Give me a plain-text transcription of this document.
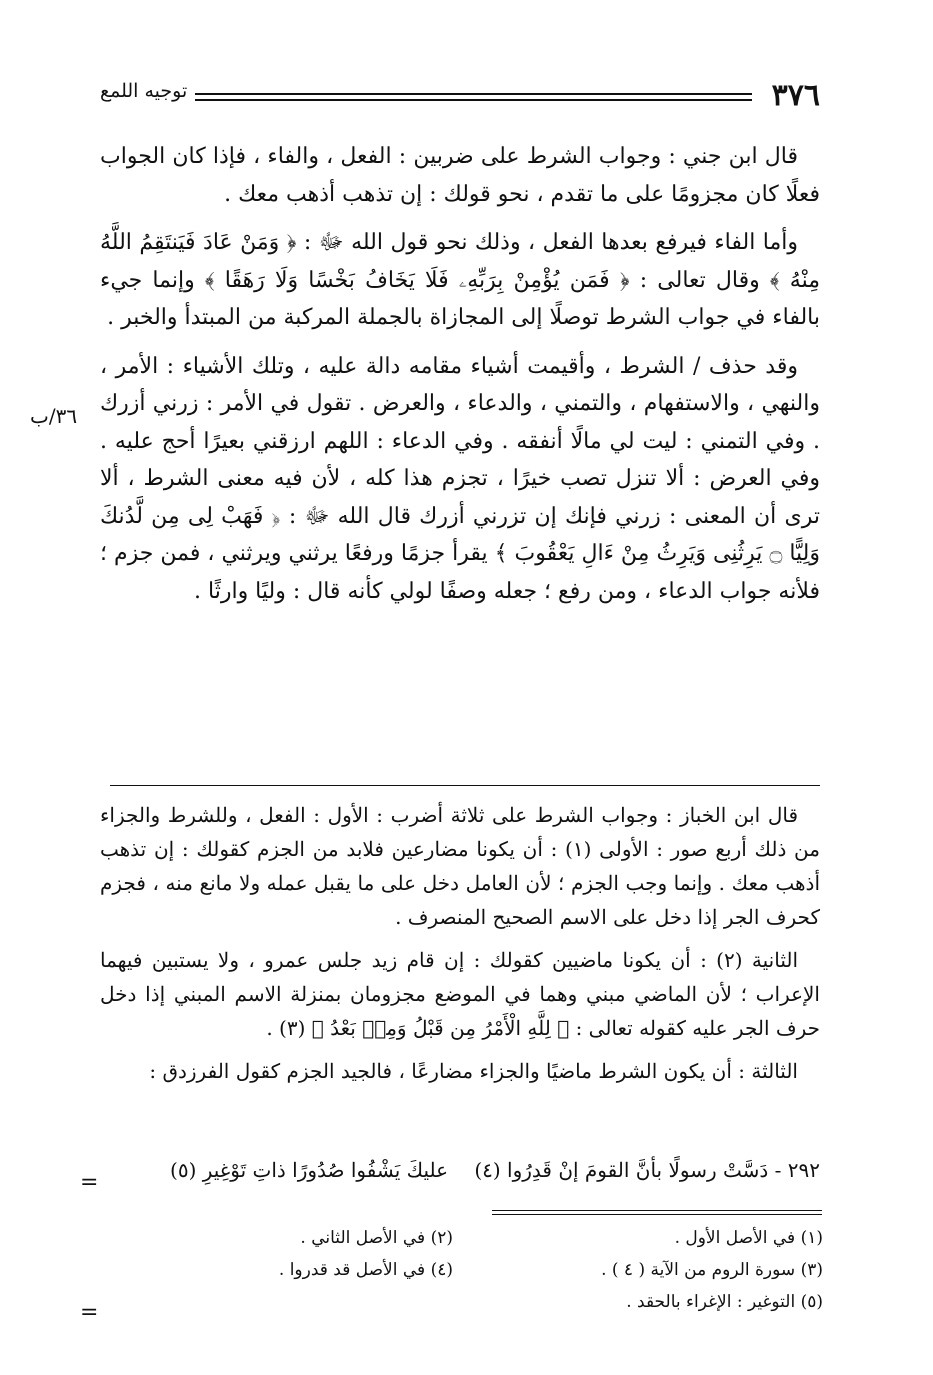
٣٧٦
توجيه اللمع
٣٦/ب

قال ابن جني : وجواب الشرط على ضربين : الفعل ، والفاء ، فإذا كان الجواب فعلًا كان مجزومًا على ما تقدم ، نحو قولك : إن تذهب أذهب معك .

وأما الفاء فيرفع بعدها الفعل ، وذلك نحو قول الله ﷻ : ﴿ وَمَنْ عَادَ فَيَنتَقِمُ اللَّهُ مِنْهُ ﴾ وقال تعالى : ﴿ فَمَن يُؤْمِنْ بِرَبِّهِۦ فَلَا يَخَافُ بَخْسًا وَلَا رَهَقًا ﴾ وإنما جيء بالفاء في جواب الشرط توصلًا إلى المجازاة بالجملة المركبة من المبتدأ والخبر .

وقد حذف / الشرط ، وأقيمت أشياء مقامه دالة عليه ، وتلك الأشياء : الأمر ، والنهي ، والاستفهام ، والتمني ، والدعاء ، والعرض . تقول في الأمر : زرني أزرك . وفي التمني : ليت لي مالًا أنفقه . وفي الدعاء : اللهم ارزقني بعيرًا أحج عليه . وفي العرض : ألا تنزل تصب خيرًا ، تجزم هذا كله ، لأن فيه معنى الشرط ، ألا ترى أن المعنى : زرني فإنك إن تزرني أزرك قال الله ﷻ : ﴿ فَهَبْ لِى مِن لَّدُنكَ وَلِيًّا ۝ يَرِثُنِى وَيَرِثُ مِنْ ءَالِ يَعْقُوبَ ﴾ يقرأ جزمًا ورفعًا يرثني ويرثني ، فمن جزم ؛ فلأنه جواب الدعاء ، ومن رفع ؛ جعله وصفًا لولي كأنه قال : وليًا وارثًا .

قال ابن الخباز : وجواب الشرط على ثلاثة أضرب : الأول : الفعل ، وللشرط والجزاء من ذلك أربع صور : الأولى (١) : أن يكونا مضارعين فلابد من الجزم كقولك : إن تذهب أذهب معك . وإنما وجب الجزم ؛ لأن العامل دخل على ما يقبل عمله ولا مانع منه ، فجزم كحرف الجر إذا دخل على الاسم الصحيح المنصرف .

الثانية (٢) : أن يكونا ماضيين كقولك : إن قام زيد جلس عمرو ، ولا يستبين فيهما الإعراب ؛ لأن الماضي مبني وهما في الموضع مجزومان بمنزلة الاسم المبني إذا دخل حرف الجر عليه كقوله تعالى : ﴿ لِلَّهِ الْأَمْرُ مِن قَبْلُ وَمِنۢ بَعْدُ ﴾ (٣) .

الثالثة : أن يكون الشرط ماضيًا والجزاء مضارعًا ، فالجيد الجزم كقول الفرزدق :

٢٩٢ - دَسَّتْ رسولًا بأنَّ القومَ إنْ قَدِرُوا (٤)
عليكَ يَشْفُوا صُدُورًا ذاتِ تَوْغِيرِ (٥)
=
(١) في الأصل الأول .
(٢) في الأصل الثاني .
(٣) سورة الروم من الآية ( ٤ ) .
(٤) في الأصل قد قدروا .
(٥) التوغير : الإغراء بالحقد .
=
